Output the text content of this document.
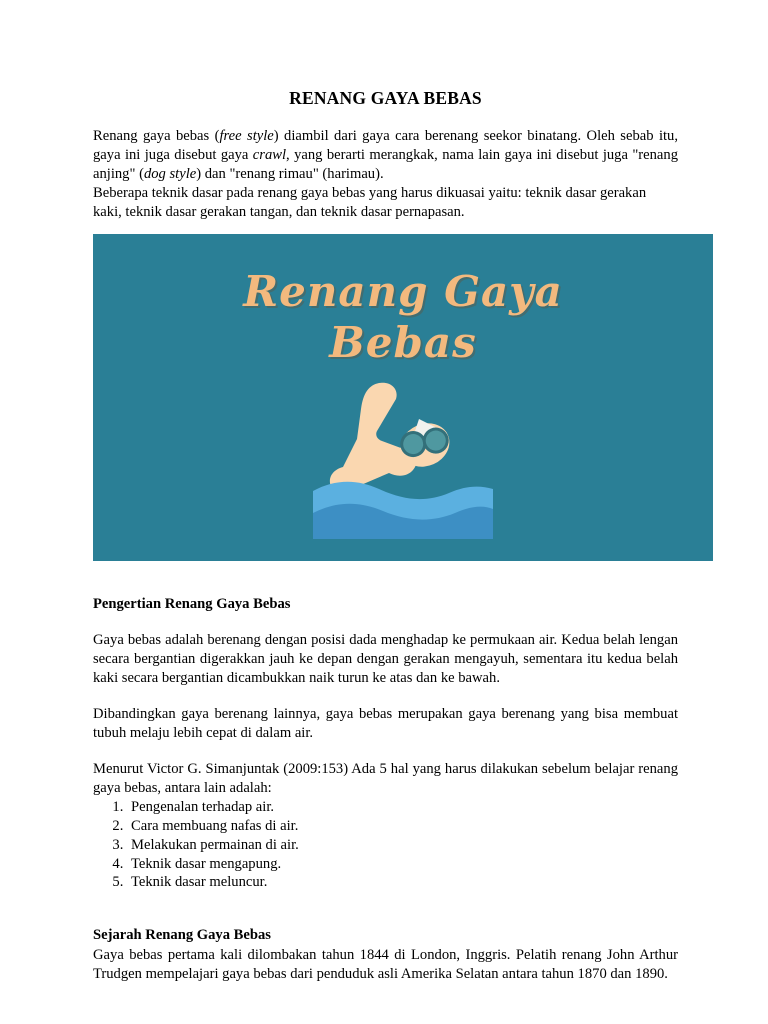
RENANG GAYA BEBAS

Renang gaya bebas (free style) diambil dari gaya cara berenang seekor binatang. Oleh sebab itu, gaya ini juga disebut gaya crawl, yang berarti merangkak, nama lain gaya ini disebut juga "renang anjing" (dog style) dan "renang rimau" (harimau).

Beberapa teknik dasar pada renang gaya bebas yang harus dikuasai yaitu: teknik dasar gerakan kaki, teknik dasar gerakan tangan, dan teknik dasar pernapasan.

Renang Gaya
Bebas
Pengertian Renang Gaya Bebas

Gaya bebas adalah berenang dengan posisi dada menghadap ke permukaan air. Kedua belah lengan secara bergantian digerakkan jauh ke depan dengan gerakan mengayuh, sementara itu kedua belah kaki secara bergantian dicambukkan naik turun ke atas dan ke bawah.

Dibandingkan gaya berenang lainnya, gaya bebas merupakan gaya berenang yang bisa membuat tubuh melaju lebih cepat di dalam air.

Menurut Victor G. Simanjuntak (2009:153) Ada 5 hal yang harus dilakukan sebelum belajar renang gaya bebas, antara lain adalah:

1. Pengenalan terhadap air.
2. Cara membuang nafas di air.
3. Melakukan permainan di air.
4. Teknik dasar mengapung.
5. Teknik dasar meluncur.
Sejarah Renang Gaya Bebas

Gaya bebas pertama kali dilombakan tahun 1844 di London, Inggris. Pelatih renang John Arthur Trudgen mempelajari gaya bebas dari penduduk asli Amerika Selatan antara tahun 1870 dan 1890.
